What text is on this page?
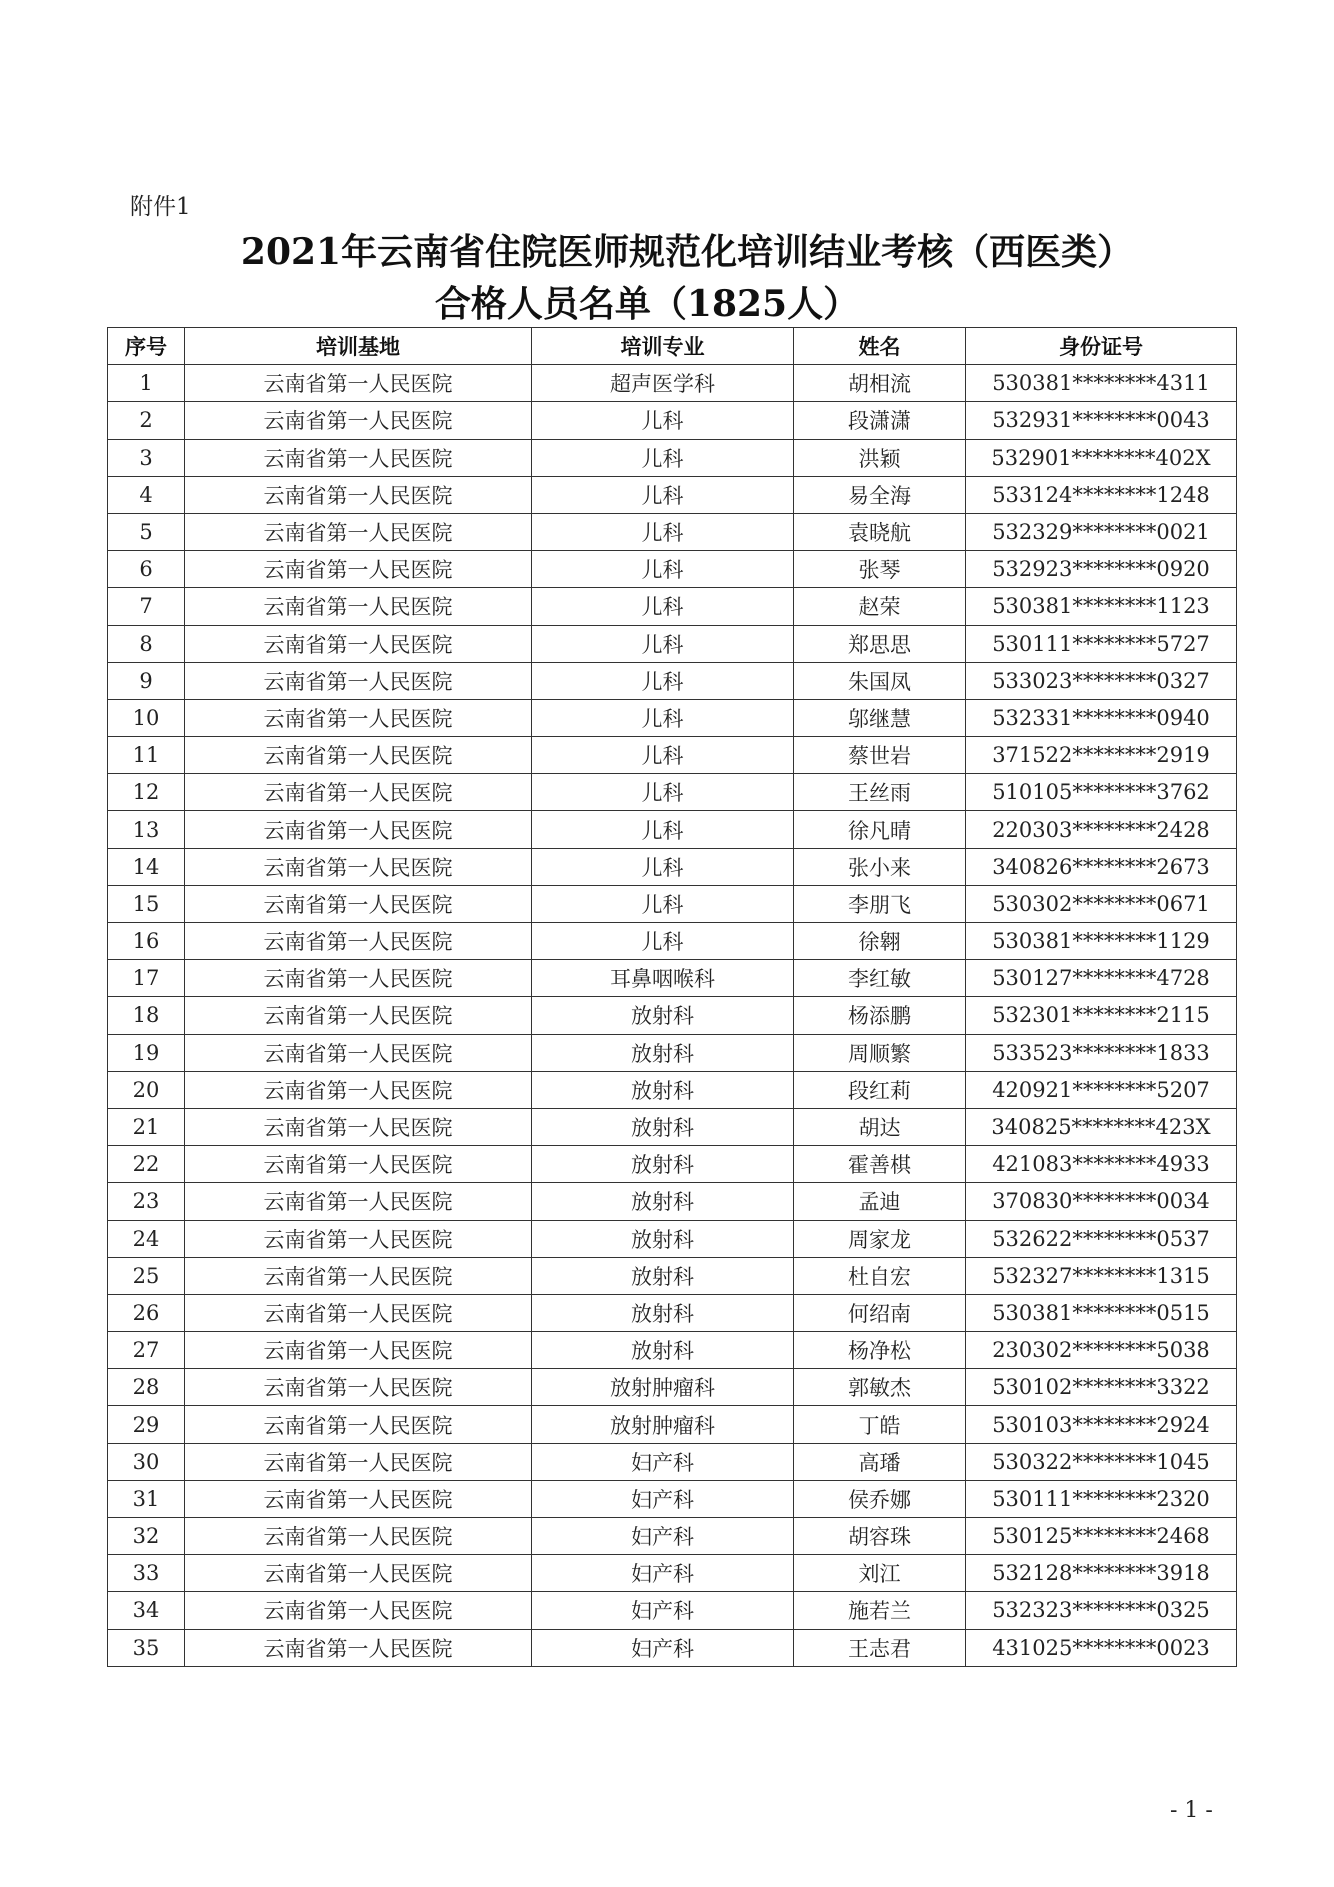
附件1
2021年云南省住院医师规范化培训结业考核（西医类）
合格人员名单（1825人）
序号	培训基地	培训专业	姓名	身份证号
1	云南省第一人民医院	超声医学科	胡相流	530381********4311
2	云南省第一人民医院	儿科	段潇潇	532931********0043
3	云南省第一人民医院	儿科	洪颖	532901********402X
4	云南省第一人民医院	儿科	易全海	533124********1248
5	云南省第一人民医院	儿科	袁晓航	532329********0021
6	云南省第一人民医院	儿科	张琴	532923********0920
7	云南省第一人民医院	儿科	赵荣	530381********1123
8	云南省第一人民医院	儿科	郑思思	530111********5727
9	云南省第一人民医院	儿科	朱国凤	533023********0327
10	云南省第一人民医院	儿科	邬继慧	532331********0940
11	云南省第一人民医院	儿科	蔡世岩	371522********2919
12	云南省第一人民医院	儿科	王丝雨	510105********3762
13	云南省第一人民医院	儿科	徐凡晴	220303********2428
14	云南省第一人民医院	儿科	张小来	340826********2673
15	云南省第一人民医院	儿科	李朋飞	530302********0671
16	云南省第一人民医院	儿科	徐翱	530381********1129
17	云南省第一人民医院	耳鼻咽喉科	李红敏	530127********4728
18	云南省第一人民医院	放射科	杨添鹏	532301********2115
19	云南省第一人民医院	放射科	周顺繁	533523********1833
20	云南省第一人民医院	放射科	段红莉	420921********5207
21	云南省第一人民医院	放射科	胡达	340825********423X
22	云南省第一人民医院	放射科	霍善棋	421083********4933
23	云南省第一人民医院	放射科	孟迪	370830********0034
24	云南省第一人民医院	放射科	周家龙	532622********0537
25	云南省第一人民医院	放射科	杜自宏	532327********1315
26	云南省第一人民医院	放射科	何绍南	530381********0515
27	云南省第一人民医院	放射科	杨净松	230302********5038
28	云南省第一人民医院	放射肿瘤科	郭敏杰	530102********3322
29	云南省第一人民医院	放射肿瘤科	丁皓	530103********2924
30	云南省第一人民医院	妇产科	高璠	530322********1045
31	云南省第一人民医院	妇产科	侯乔娜	530111********2320
32	云南省第一人民医院	妇产科	胡容珠	530125********2468
33	云南省第一人民医院	妇产科	刘江	532128********3918
34	云南省第一人民医院	妇产科	施若兰	532323********0325
35	云南省第一人民医院	妇产科	王志君	431025********0023
- 1 -
